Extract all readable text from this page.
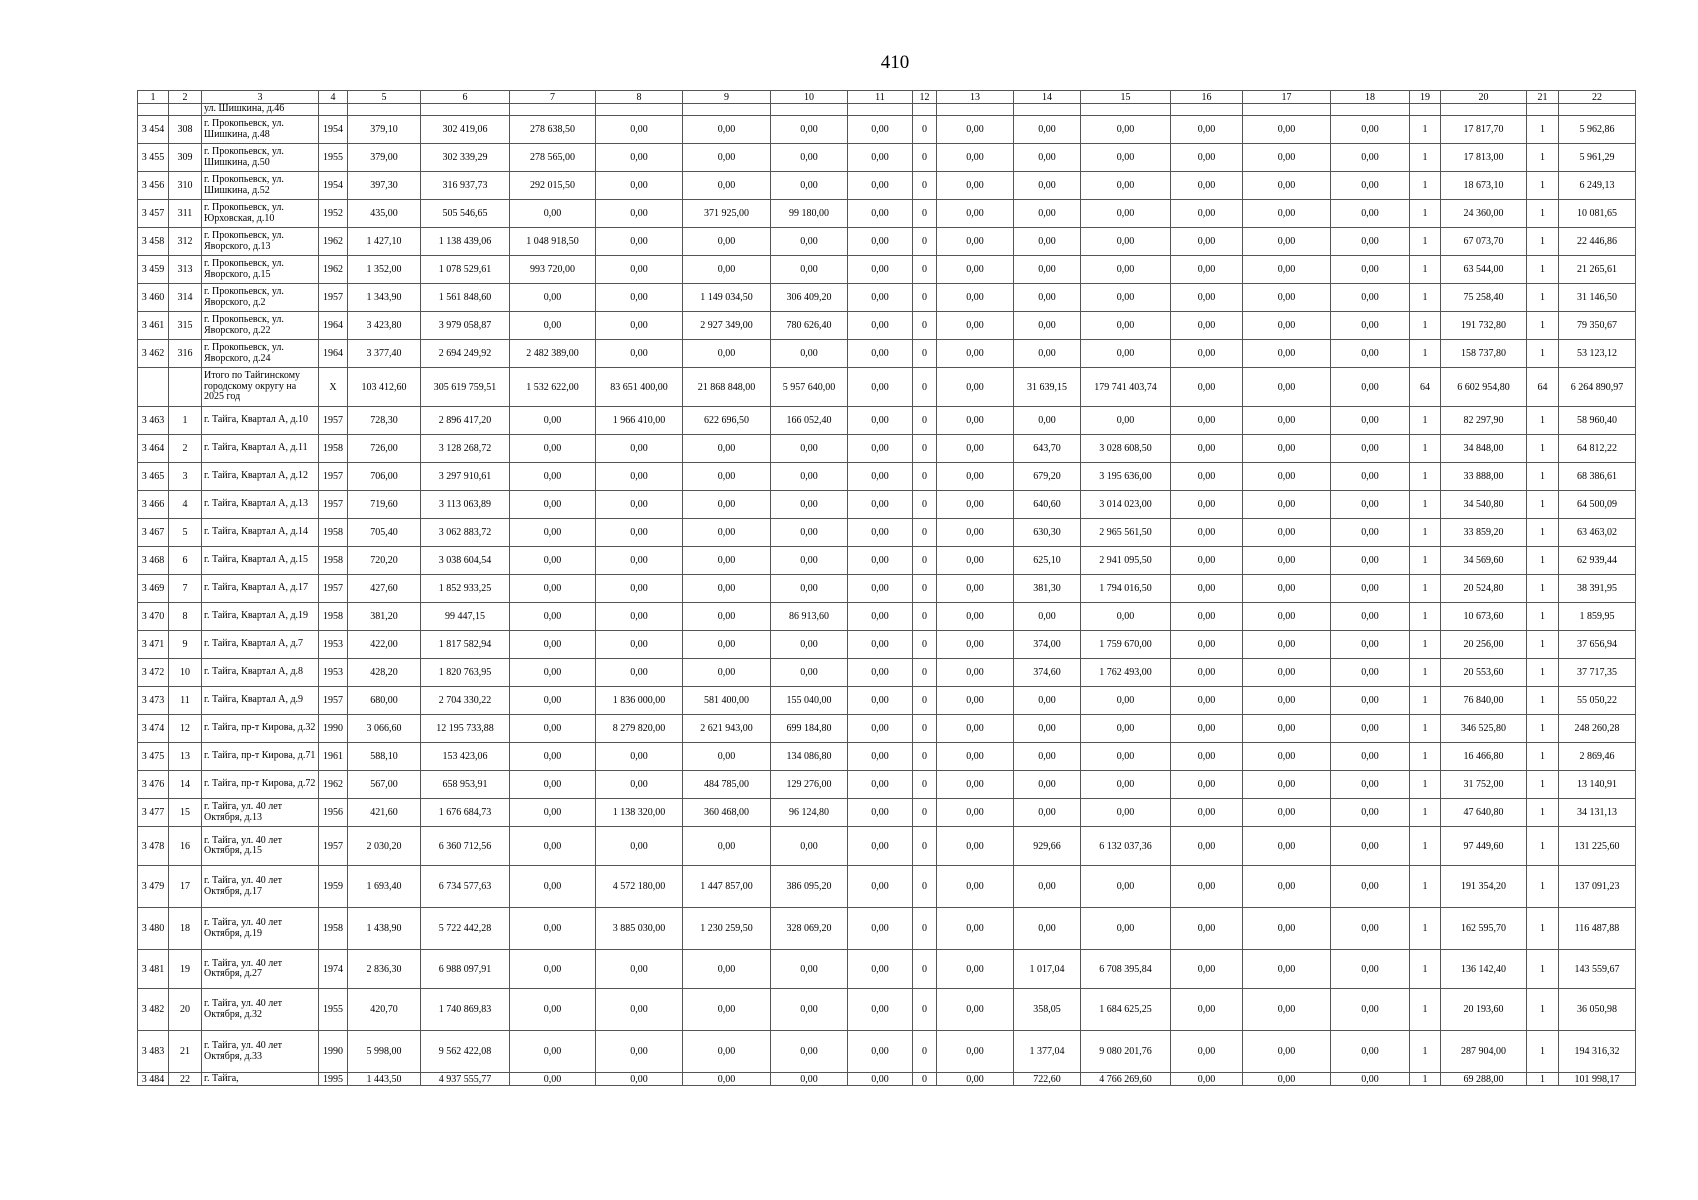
410
1	2	3	4	5	6	7	8	9	10	11	12	13	14	15	16	17	18	19	20	21	22
		ул. Шишкина, д.46																			
3 454	308	г. Прокопьевск, ул. Шишкина, д.48	1954	379,10	302 419,06	278 638,50	0,00	0,00	0,00	0,00	0	0,00	0,00	0,00	0,00	0,00	0,00	1	17 817,70	1	5 962,86
3 455	309	г. Прокопьевск, ул. Шишкина, д.50	1955	379,00	302 339,29	278 565,00	0,00	0,00	0,00	0,00	0	0,00	0,00	0,00	0,00	0,00	0,00	1	17 813,00	1	5 961,29
3 456	310	г. Прокопьевск, ул. Шишкина, д.52	1954	397,30	316 937,73	292 015,50	0,00	0,00	0,00	0,00	0	0,00	0,00	0,00	0,00	0,00	0,00	1	18 673,10	1	6 249,13
3 457	311	г. Прокопьевск, ул. Юрховская, д.10	1952	435,00	505 546,65	0,00	0,00	371 925,00	99 180,00	0,00	0	0,00	0,00	0,00	0,00	0,00	0,00	1	24 360,00	1	10 081,65
3 458	312	г. Прокопьевск, ул. Яворского, д.13	1962	1 427,10	1 138 439,06	1 048 918,50	0,00	0,00	0,00	0,00	0	0,00	0,00	0,00	0,00	0,00	0,00	1	67 073,70	1	22 446,86
3 459	313	г. Прокопьевск, ул. Яворского, д.15	1962	1 352,00	1 078 529,61	993 720,00	0,00	0,00	0,00	0,00	0	0,00	0,00	0,00	0,00	0,00	0,00	1	63 544,00	1	21 265,61
3 460	314	г. Прокопьевск, ул. Яворского, д.2	1957	1 343,90	1 561 848,60	0,00	0,00	1 149 034,50	306 409,20	0,00	0	0,00	0,00	0,00	0,00	0,00	0,00	1	75 258,40	1	31 146,50
3 461	315	г. Прокопьевск, ул. Яворского, д.22	1964	3 423,80	3 979 058,87	0,00	0,00	2 927 349,00	780 626,40	0,00	0	0,00	0,00	0,00	0,00	0,00	0,00	1	191 732,80	1	79 350,67
3 462	316	г. Прокопьевск, ул. Яворского, д.24	1964	3 377,40	2 694 249,92	2 482 389,00	0,00	0,00	0,00	0,00	0	0,00	0,00	0,00	0,00	0,00	0,00	1	158 737,80	1	53 123,12
		Итого по Тайгинскому городскому округу на 2025 год	X	103 412,60	305 619 759,51	1 532 622,00	83 651 400,00	21 868 848,00	5 957 640,00	0,00	0	0,00	31 639,15	179 741 403,74	0,00	0,00	0,00	64	6 602 954,80	64	6 264 890,97
3 463	1	г. Тайга, Квартал А, д.10	1957	728,30	2 896 417,20	0,00	1 966 410,00	622 696,50	166 052,40	0,00	0	0,00	0,00	0,00	0,00	0,00	0,00	1	82 297,90	1	58 960,40
3 464	2	г. Тайга, Квартал А, д.11	1958	726,00	3 128 268,72	0,00	0,00	0,00	0,00	0,00	0	0,00	643,70	3 028 608,50	0,00	0,00	0,00	1	34 848,00	1	64 812,22
3 465	3	г. Тайга, Квартал А, д.12	1957	706,00	3 297 910,61	0,00	0,00	0,00	0,00	0,00	0	0,00	679,20	3 195 636,00	0,00	0,00	0,00	1	33 888,00	1	68 386,61
3 466	4	г. Тайга, Квартал А, д.13	1957	719,60	3 113 063,89	0,00	0,00	0,00	0,00	0,00	0	0,00	640,60	3 014 023,00	0,00	0,00	0,00	1	34 540,80	1	64 500,09
3 467	5	г. Тайга, Квартал А, д.14	1958	705,40	3 062 883,72	0,00	0,00	0,00	0,00	0,00	0	0,00	630,30	2 965 561,50	0,00	0,00	0,00	1	33 859,20	1	63 463,02
3 468	6	г. Тайга, Квартал А, д.15	1958	720,20	3 038 604,54	0,00	0,00	0,00	0,00	0,00	0	0,00	625,10	2 941 095,50	0,00	0,00	0,00	1	34 569,60	1	62 939,44
3 469	7	г. Тайга, Квартал А, д.17	1957	427,60	1 852 933,25	0,00	0,00	0,00	0,00	0,00	0	0,00	381,30	1 794 016,50	0,00	0,00	0,00	1	20 524,80	1	38 391,95
3 470	8	г. Тайга, Квартал А, д.19	1958	381,20	99 447,15	0,00	0,00	0,00	86 913,60	0,00	0	0,00	0,00	0,00	0,00	0,00	0,00	1	10 673,60	1	1 859,95
3 471	9	г. Тайга, Квартал А, д.7	1953	422,00	1 817 582,94	0,00	0,00	0,00	0,00	0,00	0	0,00	374,00	1 759 670,00	0,00	0,00	0,00	1	20 256,00	1	37 656,94
3 472	10	г. Тайга, Квартал А, д.8	1953	428,20	1 820 763,95	0,00	0,00	0,00	0,00	0,00	0	0,00	374,60	1 762 493,00	0,00	0,00	0,00	1	20 553,60	1	37 717,35
3 473	11	г. Тайга, Квартал А, д.9	1957	680,00	2 704 330,22	0,00	1 836 000,00	581 400,00	155 040,00	0,00	0	0,00	0,00	0,00	0,00	0,00	0,00	1	76 840,00	1	55 050,22
3 474	12	г. Тайга, пр-т Кирова, д.32	1990	3 066,60	12 195 733,88	0,00	8 279 820,00	2 621 943,00	699 184,80	0,00	0	0,00	0,00	0,00	0,00	0,00	0,00	1	346 525,80	1	248 260,28
3 475	13	г. Тайга, пр-т Кирова, д.71	1961	588,10	153 423,06	0,00	0,00	0,00	134 086,80	0,00	0	0,00	0,00	0,00	0,00	0,00	0,00	1	16 466,80	1	2 869,46
3 476	14	г. Тайга, пр-т Кирова, д.72	1962	567,00	658 953,91	0,00	0,00	484 785,00	129 276,00	0,00	0	0,00	0,00	0,00	0,00	0,00	0,00	1	31 752,00	1	13 140,91
3 477	15	г. Тайга, ул. 40 лет Октября, д.13	1956	421,60	1 676 684,73	0,00	1 138 320,00	360 468,00	96 124,80	0,00	0	0,00	0,00	0,00	0,00	0,00	0,00	1	47 640,80	1	34 131,13
3 478	16	г. Тайга, ул. 40 лет Октября, д.15	1957	2 030,20	6 360 712,56	0,00	0,00	0,00	0,00	0,00	0	0,00	929,66	6 132 037,36	0,00	0,00	0,00	1	97 449,60	1	131 225,60
3 479	17	г. Тайга, ул. 40 лет Октября, д.17	1959	1 693,40	6 734 577,63	0,00	4 572 180,00	1 447 857,00	386 095,20	0,00	0	0,00	0,00	0,00	0,00	0,00	0,00	1	191 354,20	1	137 091,23
3 480	18	г. Тайга, ул. 40 лет Октября, д.19	1958	1 438,90	5 722 442,28	0,00	3 885 030,00	1 230 259,50	328 069,20	0,00	0	0,00	0,00	0,00	0,00	0,00	0,00	1	162 595,70	1	116 487,88
3 481	19	г. Тайга, ул. 40 лет Октября, д.27	1974	2 836,30	6 988 097,91	0,00	0,00	0,00	0,00	0,00	0	0,00	1 017,04	6 708 395,84	0,00	0,00	0,00	1	136 142,40	1	143 559,67
3 482	20	г. Тайга, ул. 40 лет Октября, д.32	1955	420,70	1 740 869,83	0,00	0,00	0,00	0,00	0,00	0	0,00	358,05	1 684 625,25	0,00	0,00	0,00	1	20 193,60	1	36 050,98
3 483	21	г. Тайга, ул. 40 лет Октября, д.33	1990	5 998,00	9 562 422,08	0,00	0,00	0,00	0,00	0,00	0	0,00	1 377,04	9 080 201,76	0,00	0,00	0,00	1	287 904,00	1	194 316,32
3 484	22	г. Тайга,	1995	1 443,50	4 937 555,77	0,00	0,00	0,00	0,00	0,00	0	0,00	722,60	4 766 269,60	0,00	0,00	0,00	1	69 288,00	1	101 998,17
